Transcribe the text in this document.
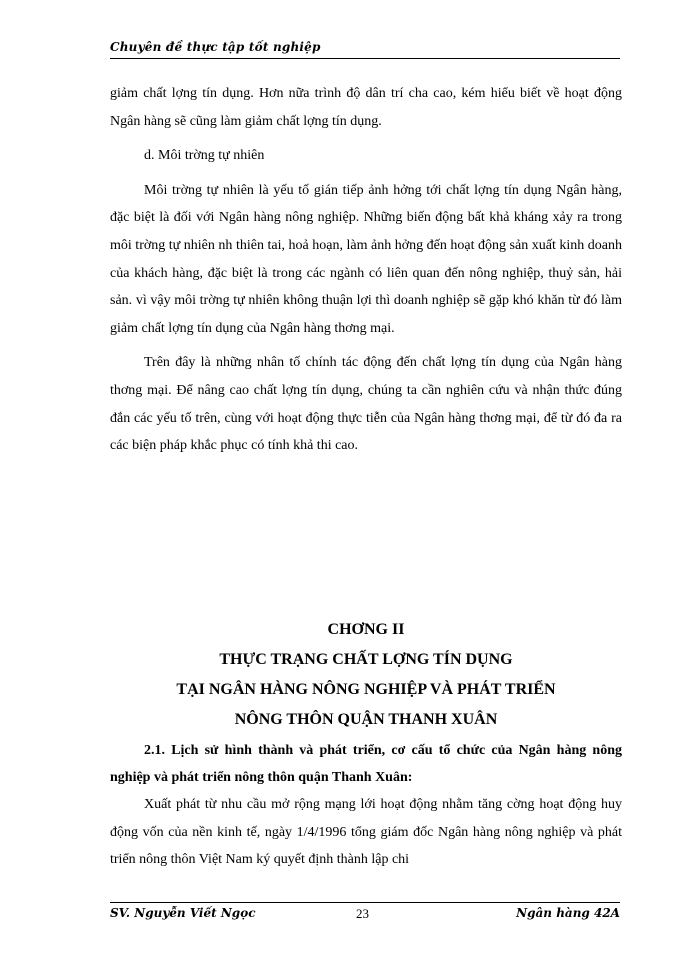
Chuyên đề thực tập tốt nghiệp

giảm chất lợng tín dụng. Hơn nữa trình độ dân trí cha cao, kém hiểu biết về hoạt động Ngân hàng sẽ cũng làm giảm chất lợng tín dụng.

d. Môi trờng tự nhiên

Môi trờng tự nhiên là yếu tố gián tiếp ảnh hởng tới chất lợng tín dụng Ngân hàng, đặc biệt là đối với Ngân hàng nông nghiệp. Những biến động bất khả kháng xảy ra trong môi trờng tự nhiên nh thiên tai, hoả hoạn, làm ảnh hởng đến hoạt động sản xuất kinh doanh của khách hàng, đặc biệt là trong các ngành có liên quan đến nông nghiệp, thuỷ sản, hải sản. vì vậy môi trờng tự nhiên không thuận lợi thì doanh nghiệp sẽ gặp khó khăn từ đó làm giảm chất lợng tín dụng của Ngân hàng thơng mại.

Trên đây là những nhân tố chính tác động đến chất lợng tín dụng của Ngân hàng thơng mại. Để nâng cao chất lợng tín dụng, chúng ta cần nghiên cứu và nhận thức đúng đắn các yếu tố trên, cùng với hoạt động thực tiễn của Ngân hàng thơng mại, để từ đó đa ra các biện pháp khắc phục có tính khả thi cao.

CHƠNG II
THỰC TRẠNG CHẤT LỢNG TÍN DỤNG
TẠI NGÂN HÀNG NÔNG NGHIỆP VÀ PHÁT TRIỂN
NÔNG THÔN QUẬN THANH XUÂN
2.1. Lịch sử hình thành và phát triển, cơ cấu tổ chức của Ngân hàng nông nghiệp và phát triển nông thôn quận Thanh Xuân:
Xuất phát từ nhu cầu mở rộng mạng lới hoạt động nhằm tăng cờng hoạt động huy động vốn của nền kinh tế, ngày 1/4/1996 tổng giám đốc Ngân hàng nông nghiệp và phát triển nông thôn Việt Nam ký quyết định thành lập chi
SV. Nguyễn Viết Ngọc	23	Ngân hàng 42A
